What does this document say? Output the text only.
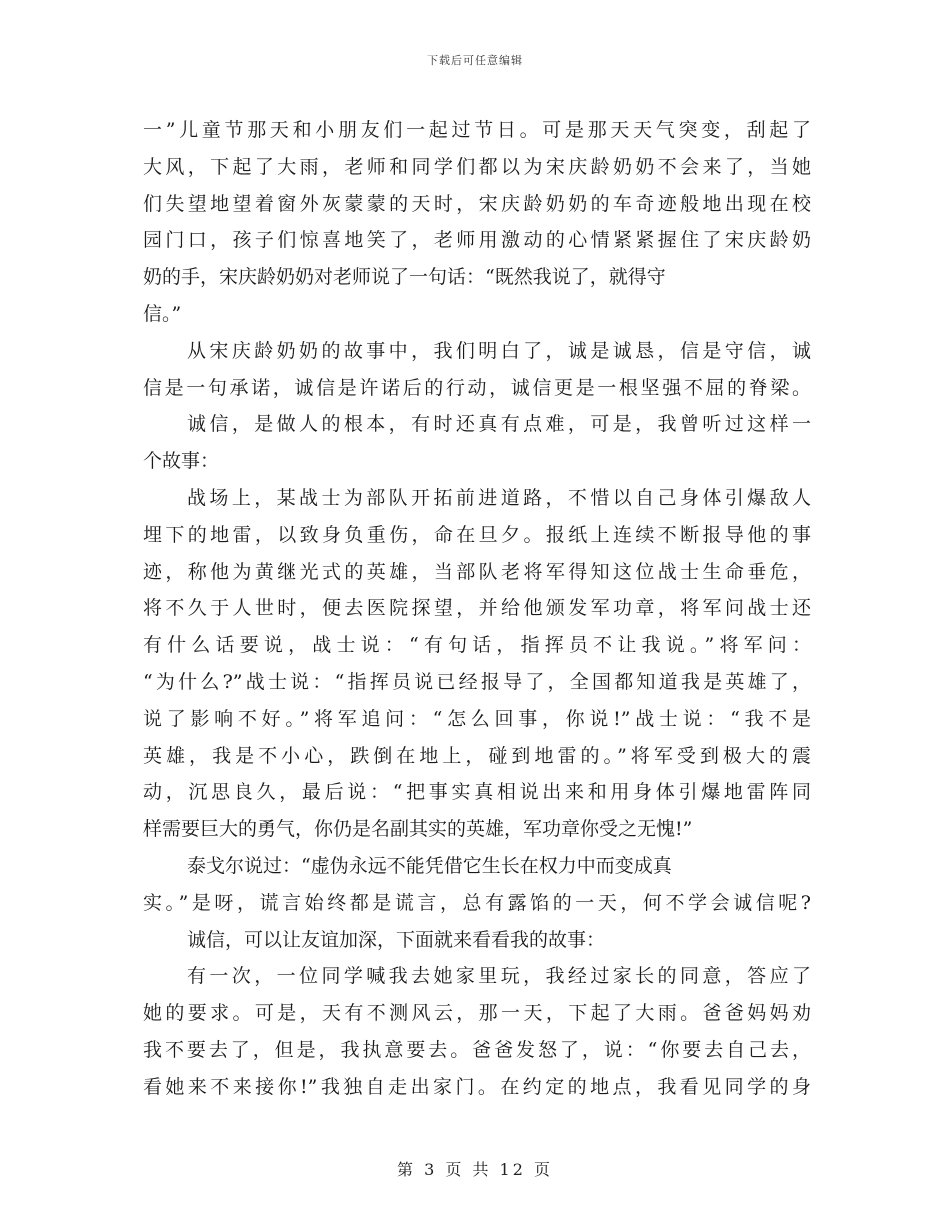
下载后可任意编辑
一”儿童节那天和小朋友们一起过节日。可是那天天气突变，刮起了
大风，下起了大雨，老师和同学们都以为宋庆龄奶奶不会来了，当她
们失望地望着窗外灰蒙蒙的天时，宋庆龄奶奶的车奇迹般地出现在校
园门口，孩子们惊喜地笑了，老师用激动的心情紧紧握住了宋庆龄奶
奶的手，宋庆龄奶奶对老师说了一句话：“既然我说了，就得守
信。”
从宋庆龄奶奶的故事中，我们明白了，诚是诚恳，信是守信，诚
信是一句承诺，诚信是许诺后的行动，诚信更是一根坚强不屈的脊梁。
诚信，是做人的根本，有时还真有点难，可是，我曾听过这样一
个故事：
战场上，某战士为部队开拓前进道路，不惜以自己身体引爆敌人
埋下的地雷，以致身负重伤，命在旦夕。报纸上连续不断报导他的事
迹，称他为黄继光式的英雄，当部队老将军得知这位战士生命垂危，
将不久于人世时，便去医院探望，并给他颁发军功章，将军问战士还
有什么话要说，战士说：“有句话，指挥员不让我说。”将军问：
“为什么?”战士说：“指挥员说已经报导了，全国都知道我是英雄了，
说了影响不好。”将军追问：“怎么回事，你说!”战士说：“我不是
英雄，我是不小心，跌倒在地上，碰到地雷的。”将军受到极大的震
动，沉思良久，最后说：“把事实真相说出来和用身体引爆地雷阵同
样需要巨大的勇气，你仍是名副其实的英雄，军功章你受之无愧!”
泰戈尔说过：“虚伪永远不能凭借它生长在权力中而变成真
实。”是呀，谎言始终都是谎言，总有露馅的一天，何不学会诚信呢?
诚信，可以让友谊加深，下面就来看看我的故事：
有一次，一位同学喊我去她家里玩，我经过家长的同意，答应了
她的要求。可是，天有不测风云，那一天，下起了大雨。爸爸妈妈劝
我不要去了，但是，我执意要去。爸爸发怒了，说：“你要去自己去，
看她来不来接你!”我独自走出家门。在约定的地点，我看见同学的身
第 3 页 共 12 页
